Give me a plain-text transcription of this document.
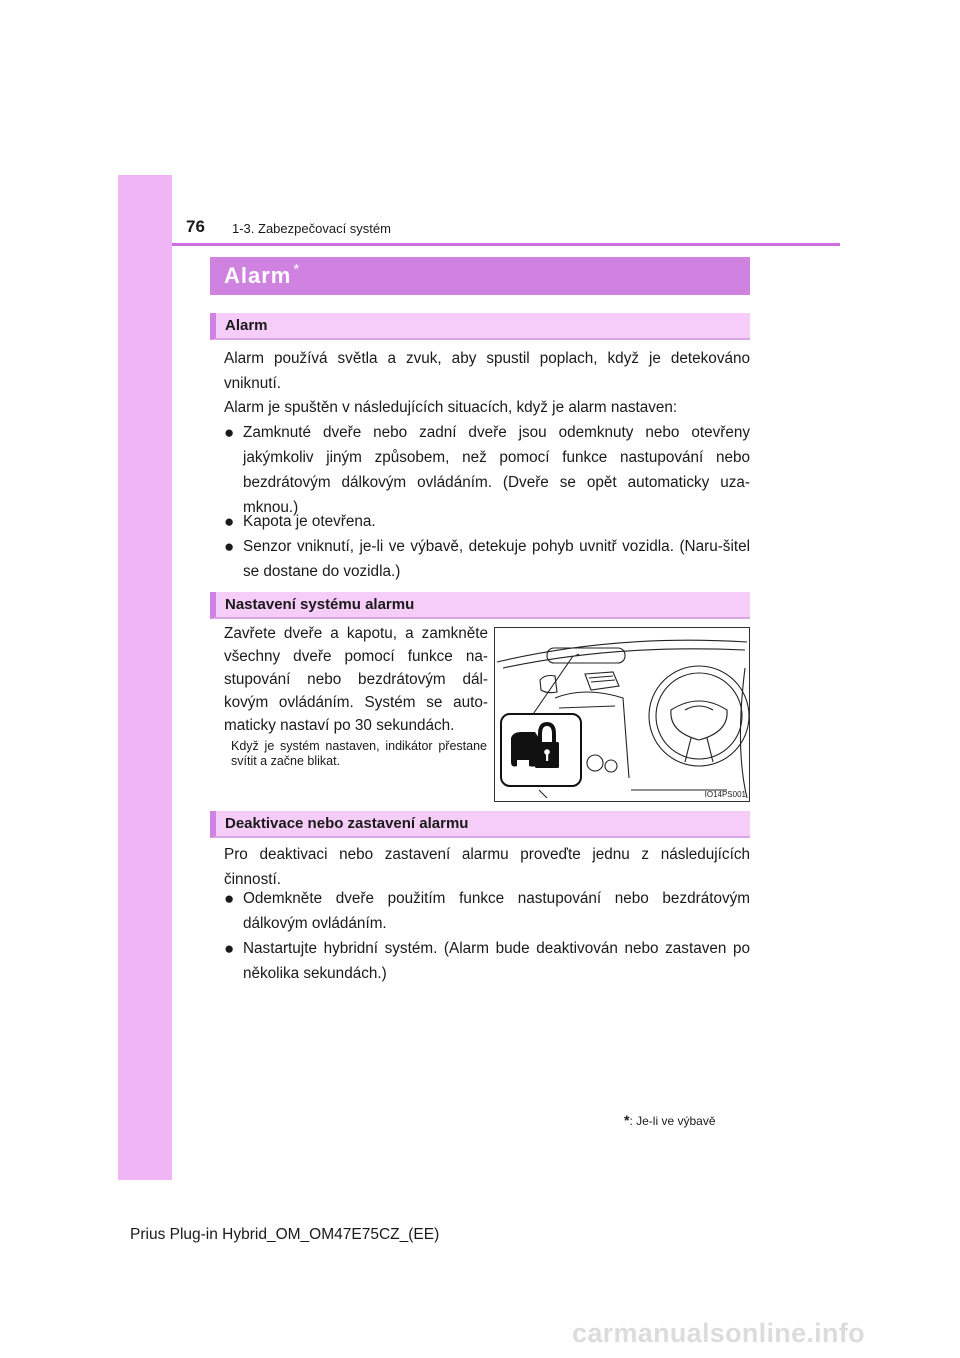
76 1-3. Zabezpečovací systém
Alarm *
Alarm
Alarm používá světla a zvuk, aby spustil poplach, když je detekováno vniknutí.
Alarm je spuštěn v následujících situacích, když je alarm nastaven:
● Zamknuté dveře nebo zadní dveře jsou odemknuty nebo otevřeny jakýmkoliv jiným způsobem, než pomocí funkce nastupování nebo bezdrátovým dálkovým ovládáním. (Dveře se opět automaticky uza-mknou.)
● Kapota je otevřena.
● Senzor vniknutí, je-li ve výbavě, detekuje pohyb uvnitř vozidla. (Naru-šitel se dostane do vozidla.)
Nastavení systému alarmu
Zavřete dveře a kapotu, a zamkněte všechny dveře pomocí funkce na-stupování nebo bezdrátovým dál-kovým ovládáním. Systém se auto-maticky nastaví po 30 sekundách.
Když je systém nastaven, indikátor přestane svítit a začne blikat.
IO14PS001
Deaktivace nebo zastavení alarmu
Pro deaktivaci nebo zastavení alarmu proveďte jednu z následujících činností.
● Odemkněte dveře použitím funkce nastupování nebo bezdrátovým dálkovým ovládáním.
● Nastartujte hybridní systém. (Alarm bude deaktivován nebo zastaven po několika sekundách.)
*: Je-li ve výbavě
Prius Plug-in Hybrid_OM_OM47E75CZ_(EE)
carmanualsonline.info
